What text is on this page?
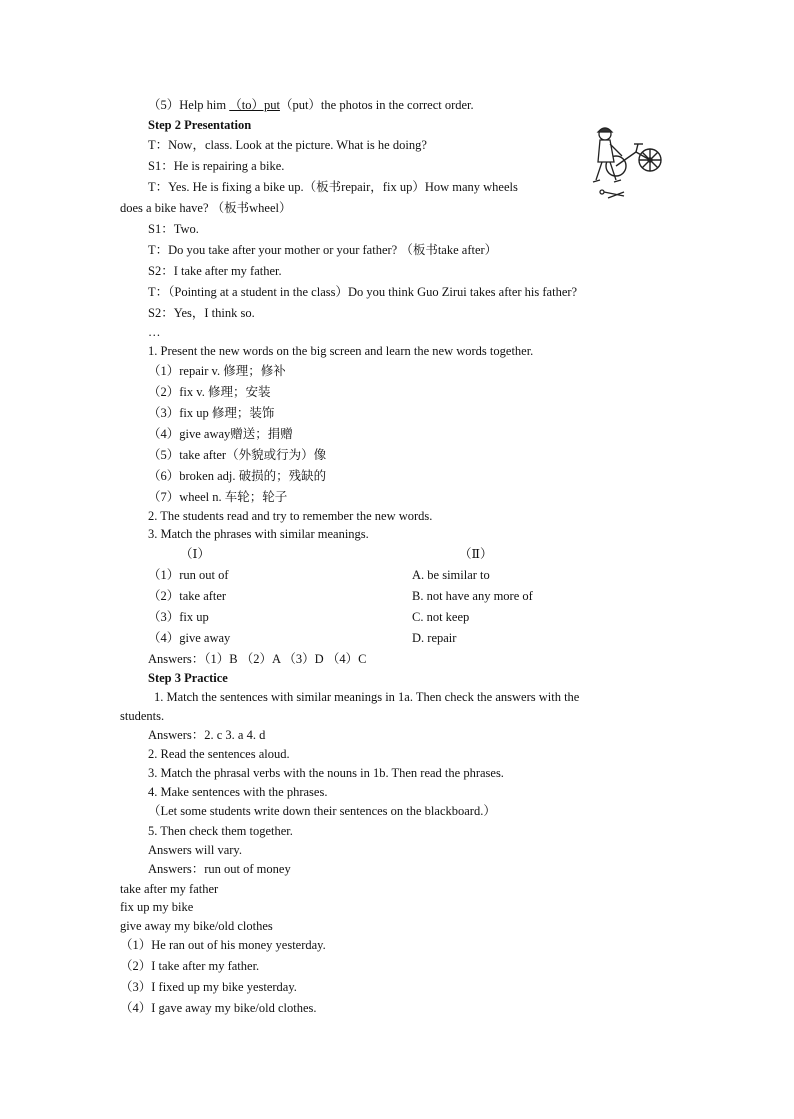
（5）Help him （to）put（put）the photos in the correct order.
Step 2 Presentation
T：Now，class. Look at the picture. What is he doing?
S1：He is repairing a bike.
T：Yes. He is fixing a bike up.（板书repair，fix up）How many wheels
does a bike have? （板书wheel）
S1：Two.
T：Do you take after your mother or your father? （板书take after）
S2：I take after my father.
T：（Pointing at a student in the class）Do you think Guo Zirui takes after his father?
S2：Yes，I think so.
…
1. Present the new words on the big screen and learn the new words together.
（1）repair v. 修理；修补
（2）fix v. 修理；安装
（3）fix up 修理；装饰
（4）give away赠送；捐赠
（5）take after（外貌或行为）像
（6）broken adj. 破损的；残缺的
（7）wheel n. 车轮；轮子
2. The students read and try to remember the new words.
3. Match the phrases with similar meanings.
（Ⅰ）	（Ⅱ）
（1）run out of
（2）take after
（3）fix up
（4）give away
A. be similar to
B. not have any more of
C. not keep
D. repair
Answers：（1）B （2）A （3）D （4）C
Step 3 Practice
1. Match the sentences with similar meanings in 1a. Then check the answers with the
students.
Answers：2. c 3. a 4. d
2. Read the sentences aloud.
3. Match the phrasal verbs with the nouns in 1b. Then read the phrases.
4. Make sentences with the phrases.
（Let some students write down their sentences on the blackboard.）
5. Then check them together.
Answers will vary.
Answers：run out of money
take after my father
fix up my bike
give away my bike/old clothes
（1）He ran out of his money yesterday.
（2）I take after my father.
（3）I fixed up my bike yesterday.
（4）I gave away my bike/old clothes.
